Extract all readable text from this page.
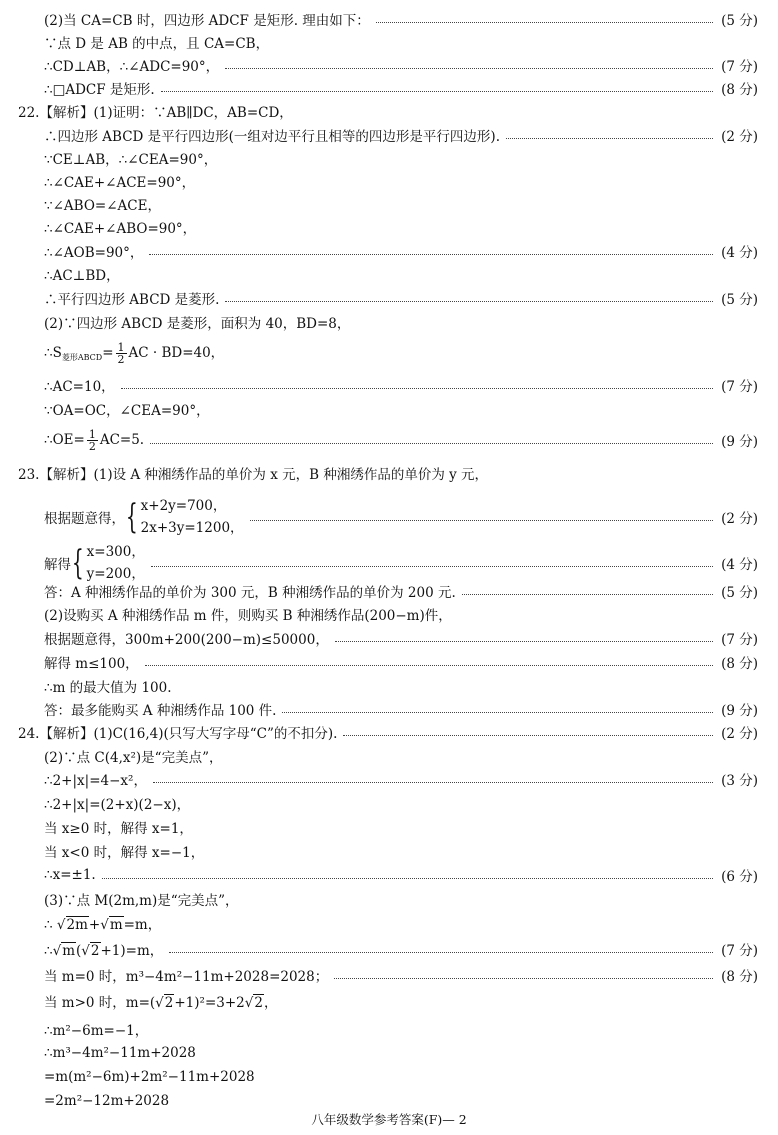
(2)当 CA=CB 时，四边形 ADCF 是矩形. 理由如下：	(5 分)
∵点 D 是 AB 的中点，且 CA=CB，
∴CD⊥AB，∴∠ADC=90°，	(7 分)
∴□ADCF 是矩形.	(8 分)
22.【解析】(1)证明：∵AB∥DC，AB=CD，
∴四边形 ABCD 是平行四边形(一组对边平行且相等的四边形是平行四边形).	(2 分)
∵CE⊥AB，∴∠CEA=90°，
∴∠CAE+∠ACE=90°，
∵∠ABO=∠ACE，
∴∠CAE+∠ABO=90°，
∴∠AOB=90°，	(4 分)
∴AC⊥BD，
∴平行四边形 ABCD 是菱形.	(5 分)
(2)∵四边形 ABCD 是菱形，面积为 40，BD=8，
$\therefore S_{菱形ABCD}= \frac{1}{2}$ AC · BD=40，
∴AC=10，	(7 分)
∵OA=OC，∠CEA=90°，
∴OE= $\frac{1}{2} AC=5$.	(9 分)
23.【解析】(1)设 A 种湘绣作品的单价为 x 元，B 种湘绣作品的单价为 y 元，
根据题意得， { x+2y=700，
2x+3y=1200，
(2 分)
解得 { x=300，
y=200，
(4 分)
答：A 种湘绣作品的单价为 300 元，B 种湘绣作品的单价为 200 元.	(5 分)
(2)设购买 A 种湘绣作品 m 件，则购买 B 种湘绣作品(200−m)件，
根据题意得，300m+200(200−m)≤50000，	(7 分)
解得 m≤100，	(8 分)
∴m 的最大值为 100.
答：最多能购买 A 种湘绣作品 100 件.	(9 分)
24.【解析】(1)C(16,4)(只写大写字母“C”的不扣分).	(2 分)
(2)∵点 C(4,x²)是“完美点”，
∴2+|x|=4−x²，	(3 分)
∴2+|x|=(2+x)(2−x)，
当 x≥0 时，解得 x=1，
当 x<0 时，解得 x=−1，
∴x=±1.	(6 分)
(3)∵点 M(2m,m)是“完美点”，
∴ √2m+√m=m，
∴√m(√2+1)=m，	(7 分)
当 m=0 时，m³−4m²−11m+2028=2028；	(8 分)
当 m>0 时，m=(√2+1)²=3+2√2，
∴m²−6m=−1，
∴m³−4m²−11m+2028
=m(m²−6m)+2m²−11m+2028
=2m²−12m+2028
八年级数学参考答案(F)— 2
